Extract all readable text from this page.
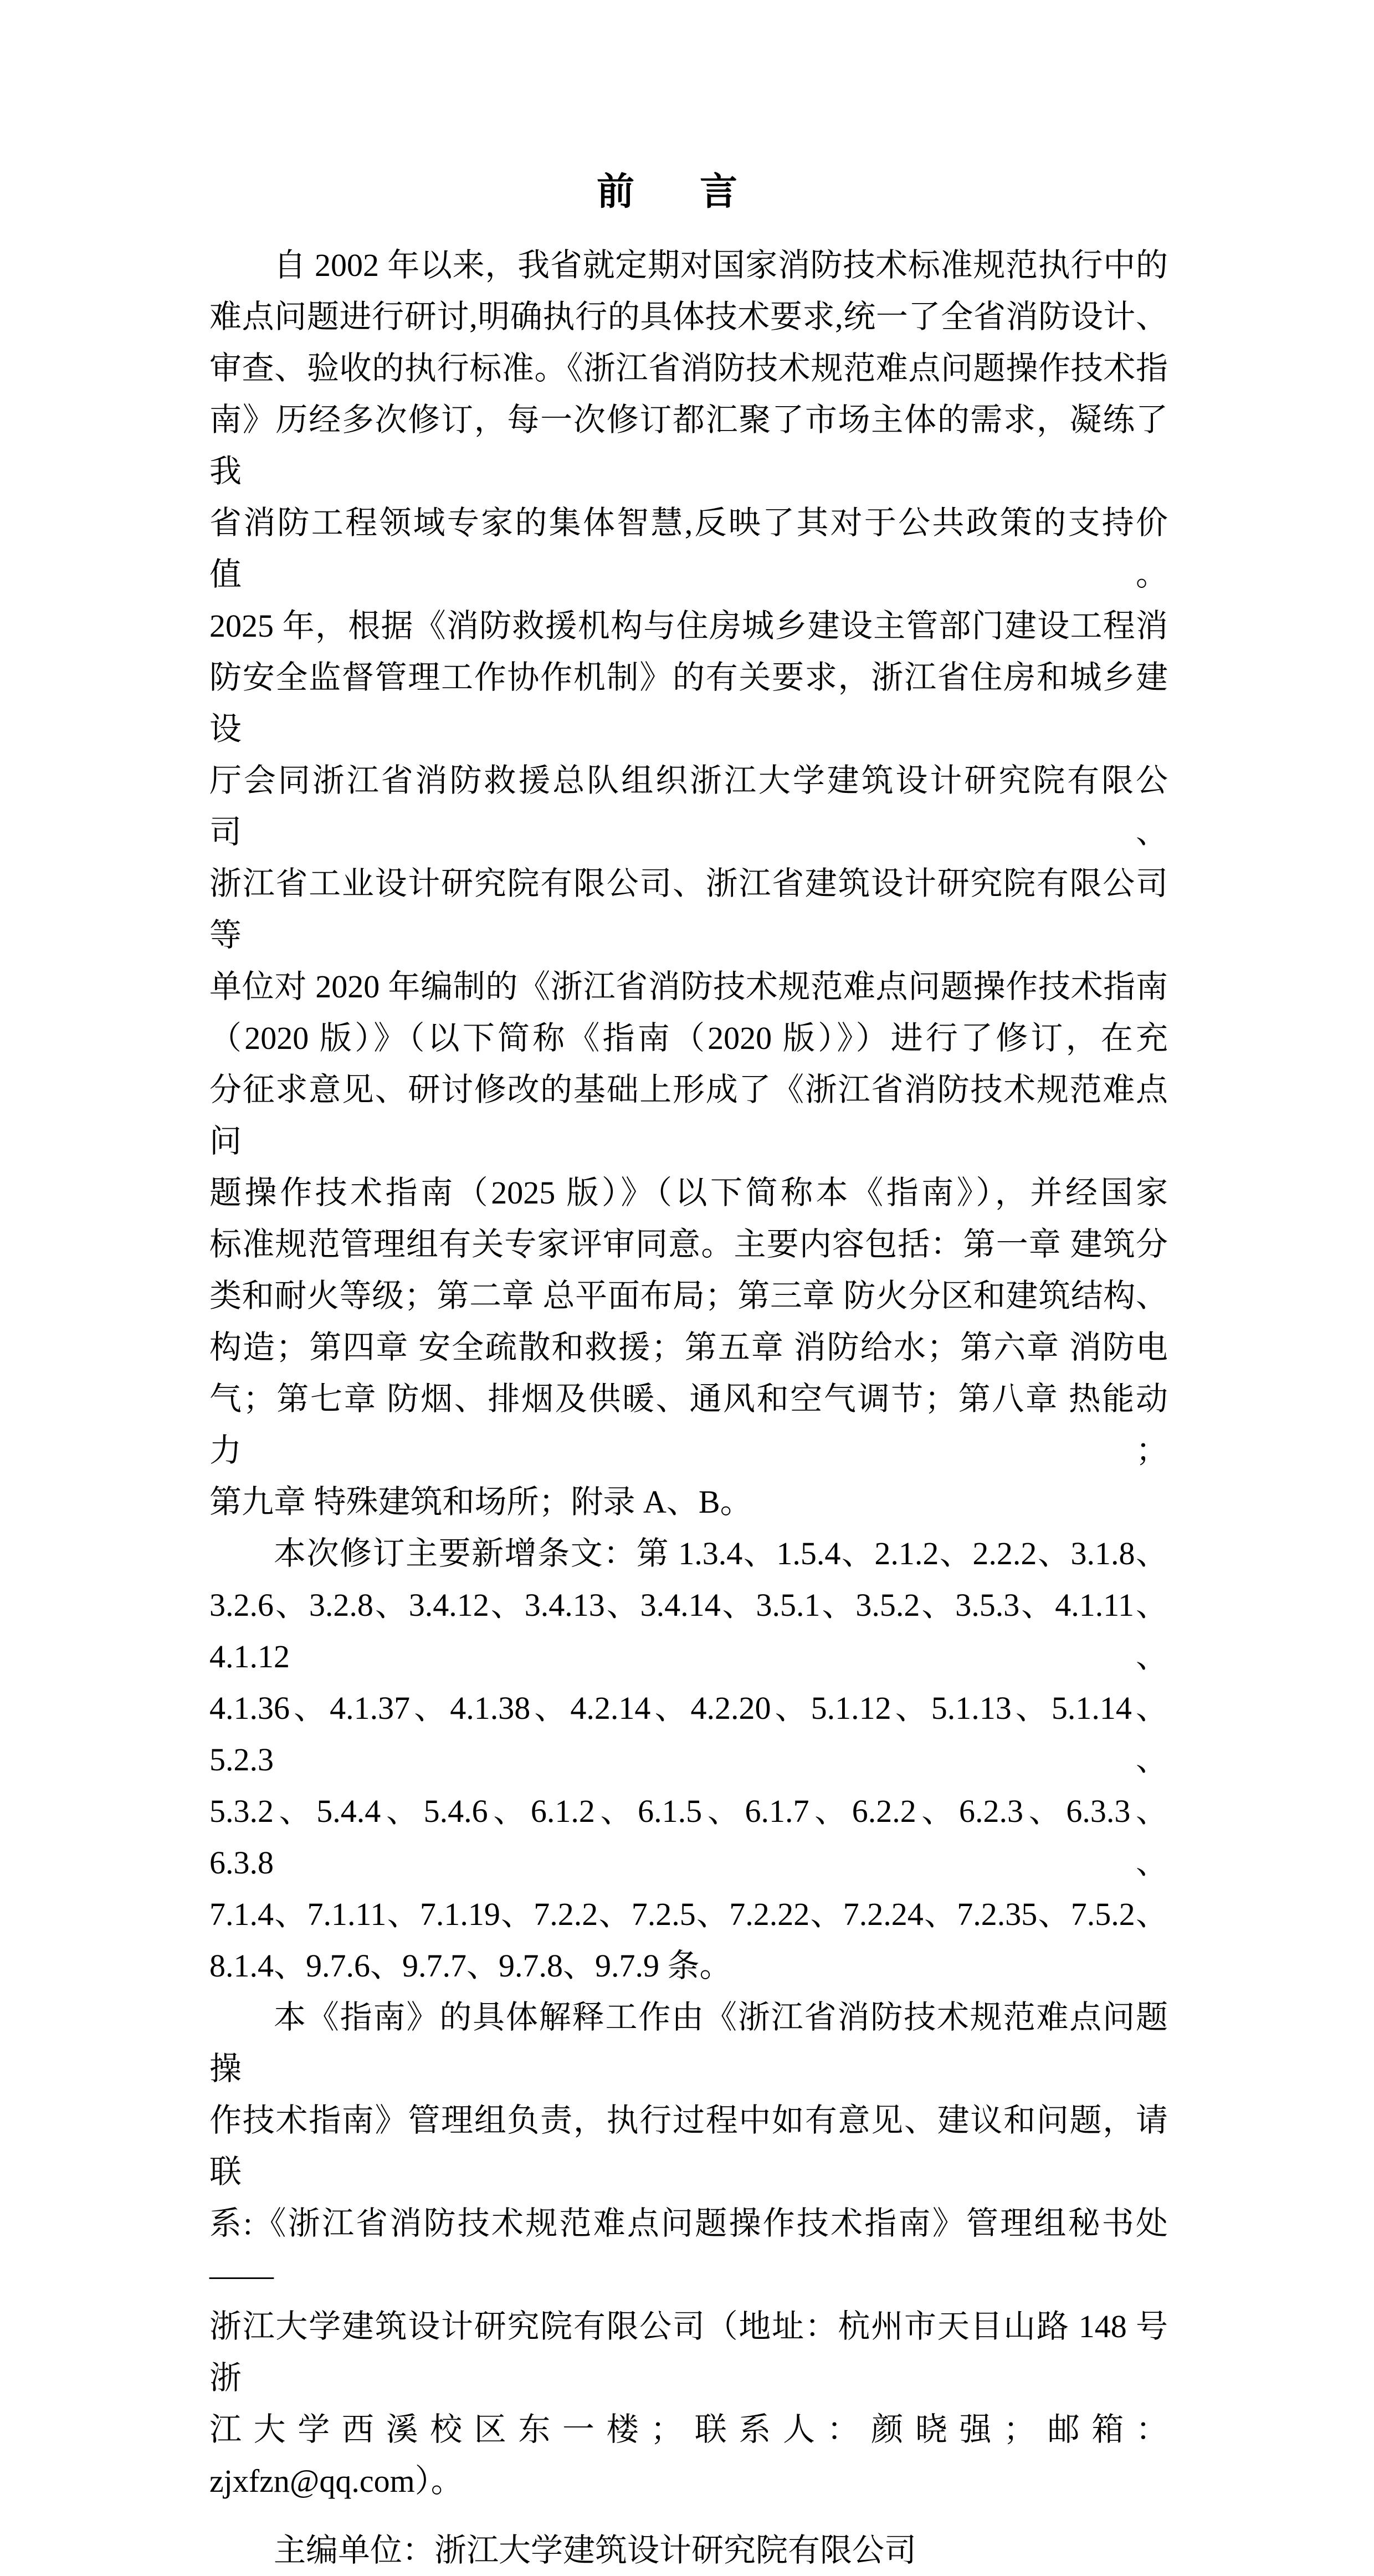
前 言
自 2002 年以来，我省就定期对国家消防技术标准规范执行中的
难点问题进行研讨,明确执行的具体技术要求,统一了全省消防设计、
审查、验收的执行标准。《浙江省消防技术规范难点问题操作技术指
南》历经多次修订，每一次修订都汇聚了市场主体的需求，凝练了我
省消防工程领域专家的集体智慧,反映了其对于公共政策的支持价值。
2025 年，根据《消防救援机构与住房城乡建设主管部门建设工程消
防安全监督管理工作协作机制》的有关要求，浙江省住房和城乡建设
厅会同浙江省消防救援总队组织浙江大学建筑设计研究院有限公司、
浙江省工业设计研究院有限公司、浙江省建筑设计研究院有限公司等
单位对 2020 年编制的《浙江省消防技术规范难点问题操作技术指南
（2020 版）》（以下简称《指南（2020 版）》）进行了修订，在充
分征求意见、研讨修改的基础上形成了《浙江省消防技术规范难点问
题操作技术指南（2025 版）》（以下简称本《指南》），并经国家
标准规范管理组有关专家评审同意。主要内容包括：第一章 建筑分
类和耐火等级；第二章 总平面布局；第三章 防火分区和建筑结构、
构造；第四章 安全疏散和救援；第五章 消防给水；第六章 消防电
气；第七章 防烟、排烟及供暖、通风和空气调节；第八章 热能动力；
第九章 特殊建筑和场所；附录 A、B。
本次修订主要新增条文：第 1.3.4、1.5.4、2.1.2、2.2.2、3.1.8、
3.2.6、3.2.8、3.4.12、3.4.13、3.4.14、3.5.1、3.5.2、3.5.3、4.1.11、4.1.12、
4.1.36、4.1.37、4.1.38、4.2.14、4.2.20、5.1.12、5.1.13、5.1.14、5.2.3、
5.3.2、5.4.4、5.4.6、6.1.2、6.1.5、6.1.7、6.2.2、6.2.3、6.3.3、6.3.8、
7.1.4、7.1.11、7.1.19、7.2.2、7.2.5、7.2.22、7.2.24、7.2.35、7.5.2、
8.1.4、9.7.6、9.7.7、9.7.8、9.7.9 条。
本《指南》的具体解释工作由《浙江省消防技术规范难点问题操
作技术指南》管理组负责，执行过程中如有意见、建议和问题，请联
系:《浙江省消防技术规范难点问题操作技术指南》管理组秘书处——
浙江大学建筑设计研究院有限公司（地址：杭州市天目山路 148 号浙
江大学西溪校区东一楼；联系人：颜晓强；邮箱：zjxfzn@qq.com）。
主编单位：浙江大学建筑设计研究院有限公司
